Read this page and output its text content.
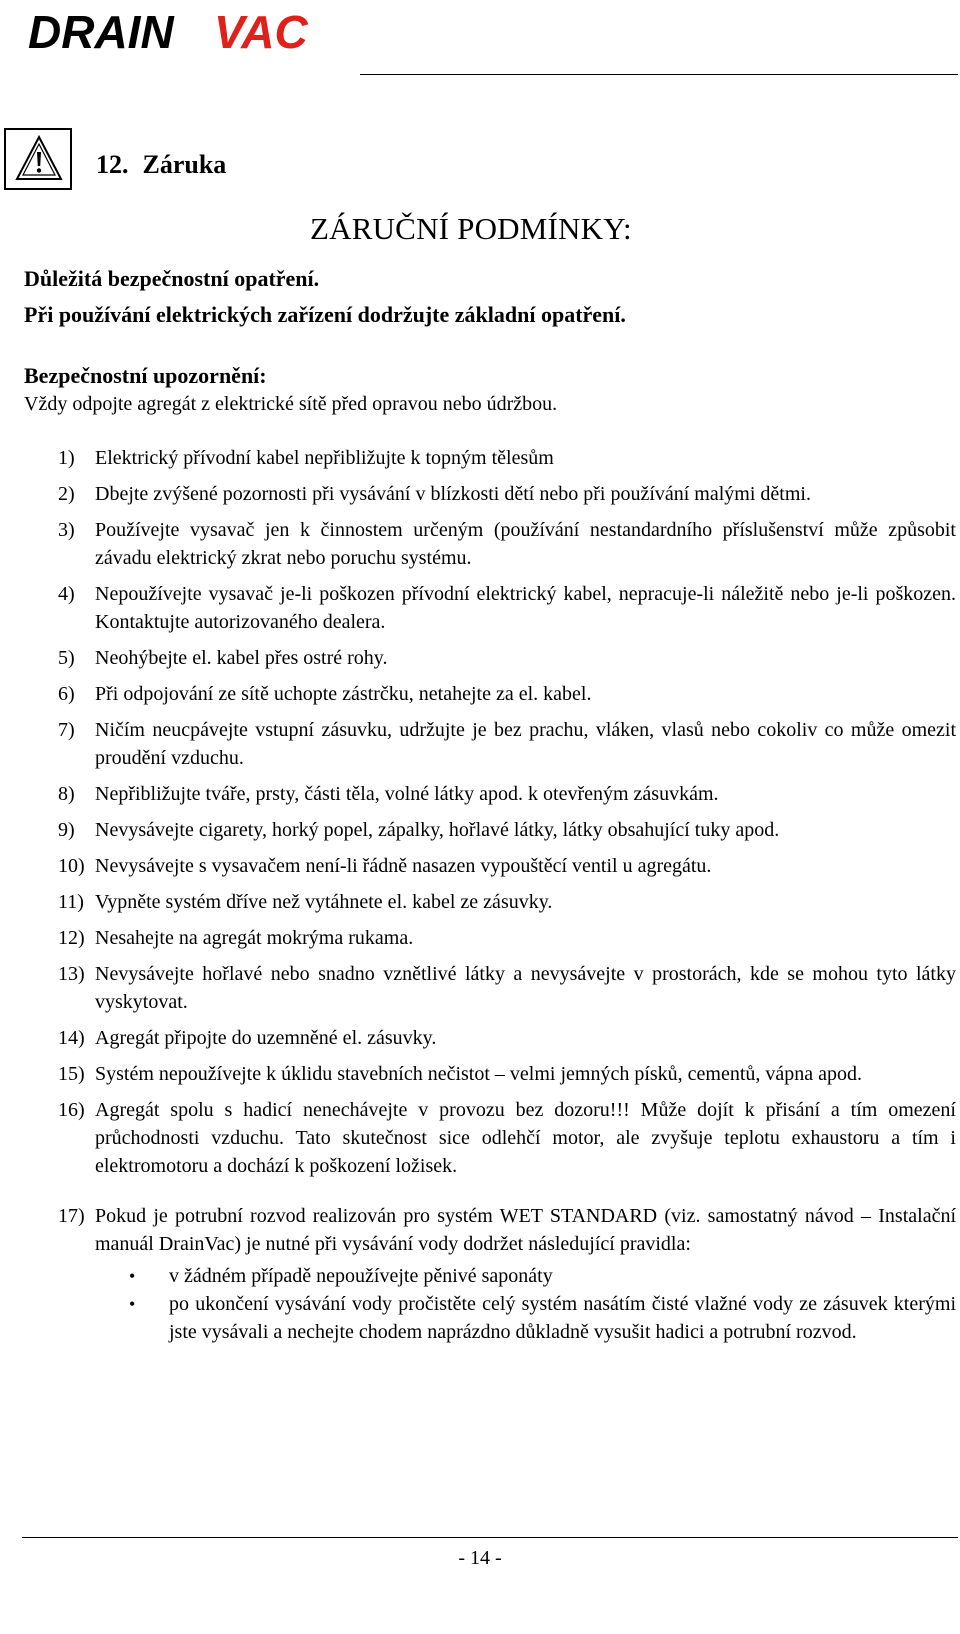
DRAIN VAC
12. Záruka
ZÁRUČNÍ PODMÍNKY:
Důležitá bezpečnostní opatření.
Při používání elektrických zařízení dodržujte základní opatření.
Bezpečnostní upozornění:
Vždy odpojte agregát z elektrické sítě před opravou nebo údržbou.
1)	Elektrický přívodní kabel nepřibližujte k topným tělesům
2)	Dbejte zvýšené pozornosti při vysávání v blízkosti dětí nebo při používání malými dětmi.
3)	Používejte vysavač jen k činnostem určeným (používání nestandardního příslušenství může způsobit závadu elektrický zkrat nebo poruchu systému.
4)	Nepoužívejte vysavač je-li poškozen přívodní elektrický kabel, nepracuje-li náležitě nebo je-li poškozen. Kontaktujte autorizovaného dealera.
5)	Neohýbejte el. kabel přes ostré rohy.
6)	Při odpojování ze sítě uchopte zástrčku, netahejte za el. kabel.
7)	Ničím neucpávejte vstupní zásuvku, udržujte je bez prachu, vláken, vlasů nebo cokoliv co může omezit proudění vzduchu.
8)	Nepřibližujte tváře, prsty, části těla, volné látky apod. k otevřeným zásuvkám.
9)	Nevysávejte cigarety, horký popel, zápalky, hořlavé látky, látky obsahující tuky apod.
10) Nevysávejte s vysavačem není-li řádně nasazen vypouštěcí ventil u agregátu.
11) Vypněte systém dříve než vytáhnete el. kabel ze zásuvky.
12) Nesahejte na agregát mokrýma rukama.
13) Nevysávejte hořlavé nebo snadno vznětlivé látky a nevysávejte v prostorách, kde se mohou tyto látky vyskytovat.
14) Agregát připojte do uzemněné el. zásuvky.
15) Systém nepoužívejte k úklidu stavebních nečistot – velmi jemných písků, cementů, vápna apod.
16) Agregát spolu s hadicí nenechávejte v provozu bez dozoru!!! Může dojít k přisání a tím omezení průchodnosti vzduchu. Tato skutečnost sice odlehčí motor, ale zvyšuje teplotu exhaustoru a tím i elektromotoru a dochází k poškození ložisek.
17) Pokud je potrubní rozvod realizován pro systém WET STANDARD (viz. samostatný návod – Instalační manuál DrainVac) je nutné při vysávání vody dodržet následující pravidla:
•	v žádném případě nepoužívejte pěnivé saponáty
•	po ukončení vysávání vody pročistěte celý systém nasátím čisté vlažné vody ze zásuvek kterými jste vysávali a nechejte chodem naprázdno důkladně vysušit hadici a potrubní rozvod.
- 14 -
